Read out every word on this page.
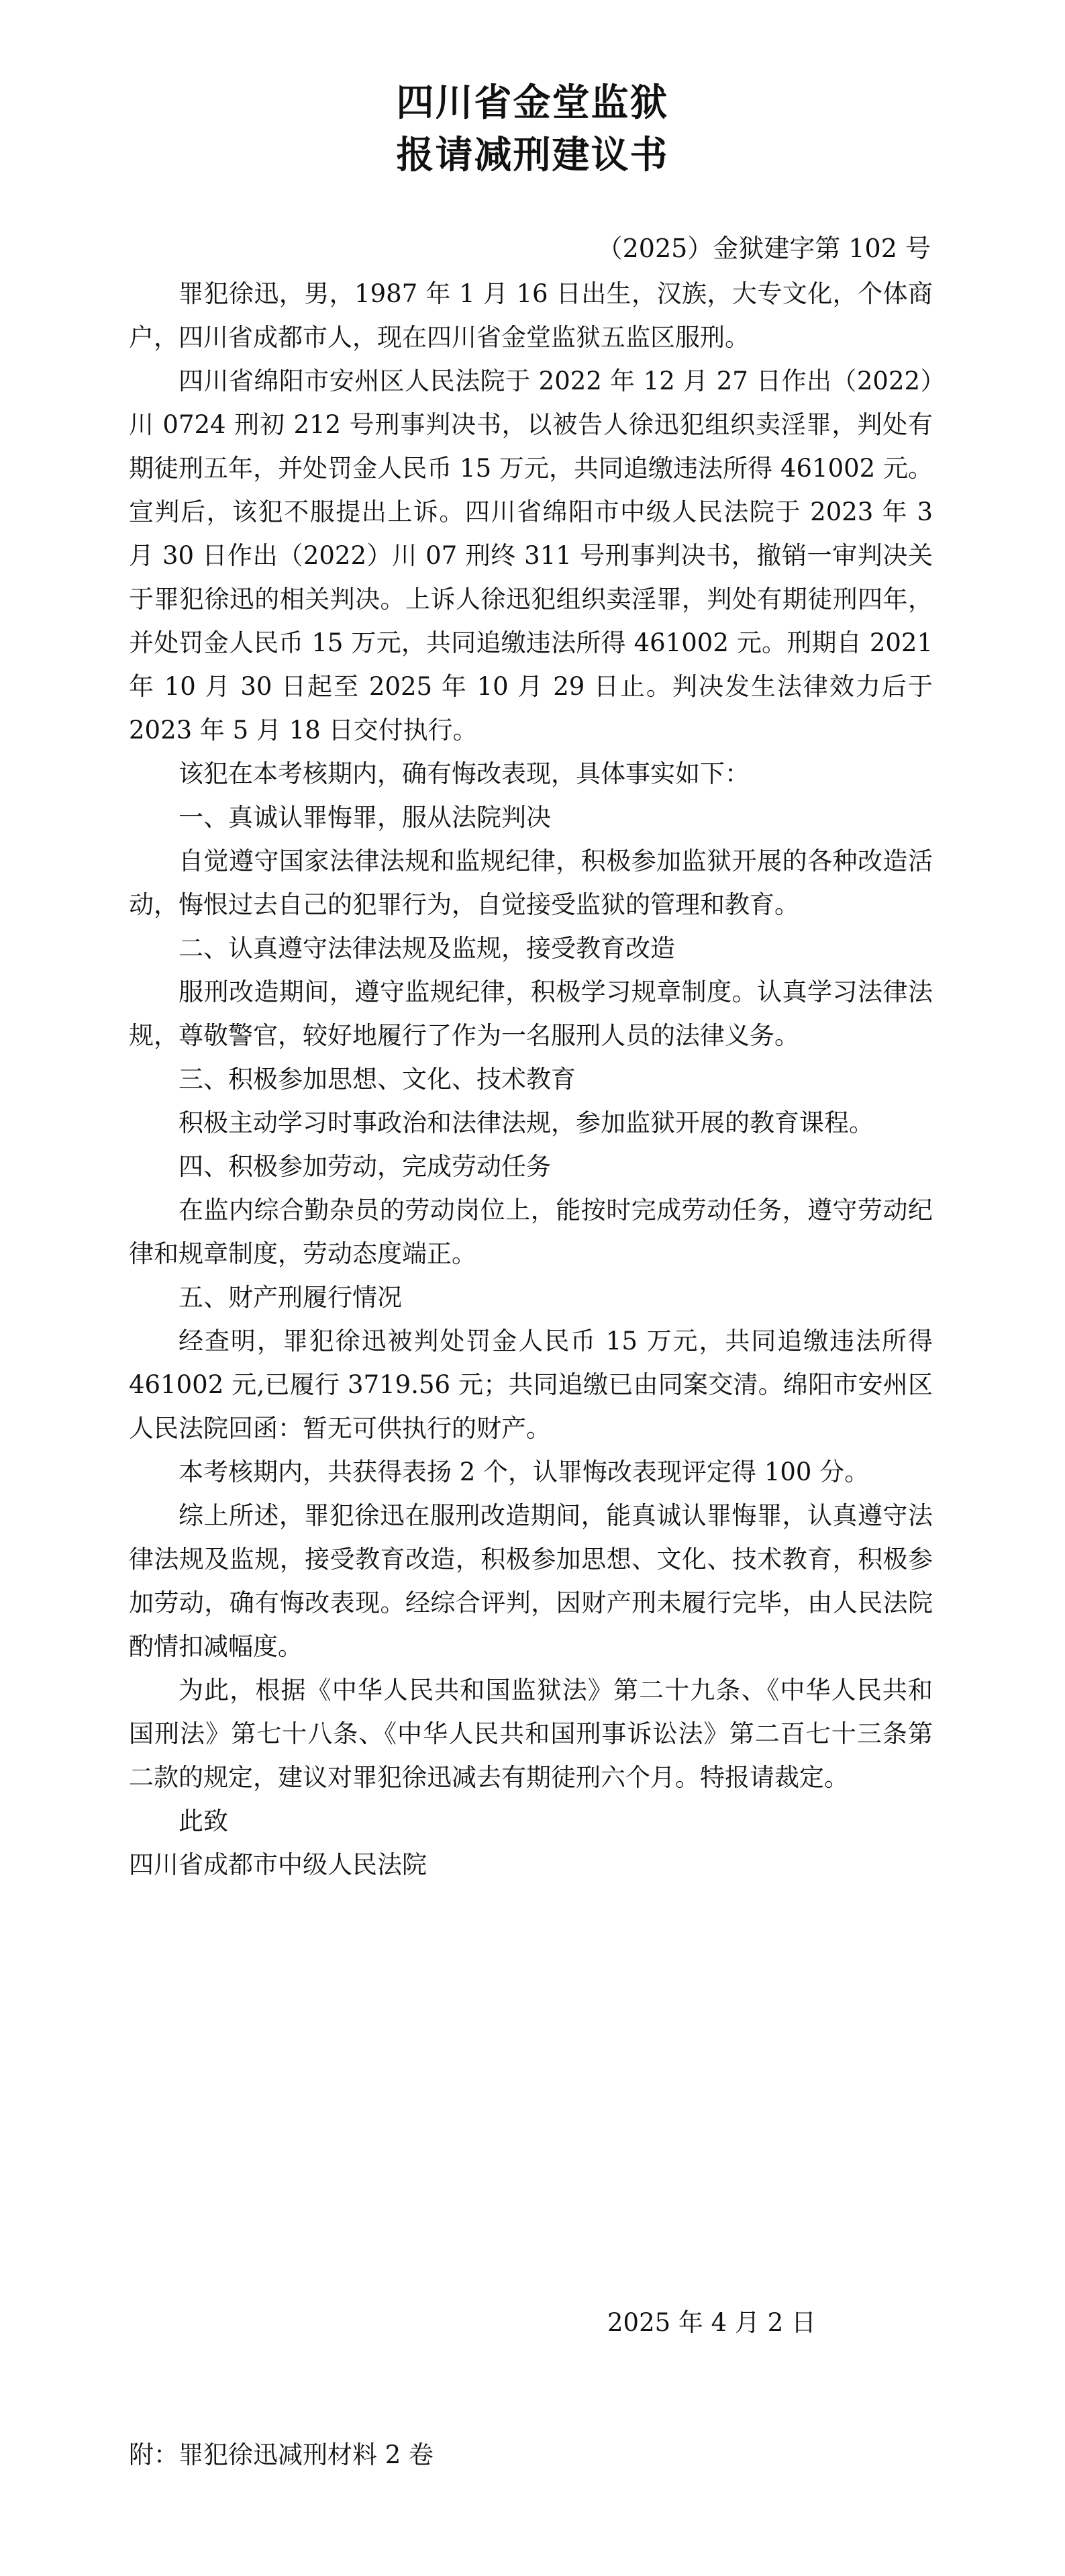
四川省金堂监狱
报请减刑建议书
（2025）金狱建字第 102 号

罪犯徐迅，男，1987 年 1 月 16 日出生，汉族，大专文化，个体商户，四川省成都市人，现在四川省金堂监狱五监区服刑。

四川省绵阳市安州区人民法院于 2022 年 12 月 27 日作出（2022）川 0724 刑初 212 号刑事判决书，以被告人徐迅犯组织卖淫罪，判处有期徒刑五年，并处罚金人民币 15 万元，共同追缴违法所得 461002 元。宣判后，该犯不服提出上诉。四川省绵阳市中级人民法院于 2023 年 3 月 30 日作出（2022）川 07 刑终 311 号刑事判决书，撤销一审判决关于罪犯徐迅的相关判决。上诉人徐迅犯组织卖淫罪，判处有期徒刑四年，并处罚金人民币 15 万元，共同追缴违法所得 461002 元。刑期自 2021 年 10 月 30 日起至 2025 年 10 月 29 日止。判决发生法律效力后于 2023 年 5 月 18 日交付执行。

该犯在本考核期内，确有悔改表现，具体事实如下：

一、真诚认罪悔罪，服从法院判决

自觉遵守国家法律法规和监规纪律，积极参加监狱开展的各种改造活动，悔恨过去自己的犯罪行为，自觉接受监狱的管理和教育。

二、认真遵守法律法规及监规，接受教育改造

服刑改造期间，遵守监规纪律，积极学习规章制度。认真学习法律法规，尊敬警官，较好地履行了作为一名服刑人员的法律义务。

三、积极参加思想、文化、技术教育

积极主动学习时事政治和法律法规，参加监狱开展的教育课程。

四、积极参加劳动，完成劳动任务

在监内综合勤杂员的劳动岗位上，能按时完成劳动任务，遵守劳动纪律和规章制度，劳动态度端正。

五、财产刑履行情况

经查明，罪犯徐迅被判处罚金人民币 15 万元，共同追缴违法所得 461002 元,已履行 3719.56 元；共同追缴已由同案交清。绵阳市安州区人民法院回函：暂无可供执行的财产。

本考核期内，共获得表扬 2 个，认罪悔改表现评定得 100 分。

综上所述，罪犯徐迅在服刑改造期间，能真诚认罪悔罪，认真遵守法律法规及监规，接受教育改造，积极参加思想、文化、技术教育，积极参加劳动，确有悔改表现。经综合评判，因财产刑未履行完毕，由人民法院酌情扣减幅度。

为此，根据《中华人民共和国监狱法》第二十九条、《中华人民共和国刑法》第七十八条、《中华人民共和国刑事诉讼法》第二百七十三条第二款的规定，建议对罪犯徐迅减去有期徒刑六个月。特报请裁定。

此致

四川省成都市中级人民法院

2025 年 4 月 2 日
附：罪犯徐迅减刑材料 2 卷
